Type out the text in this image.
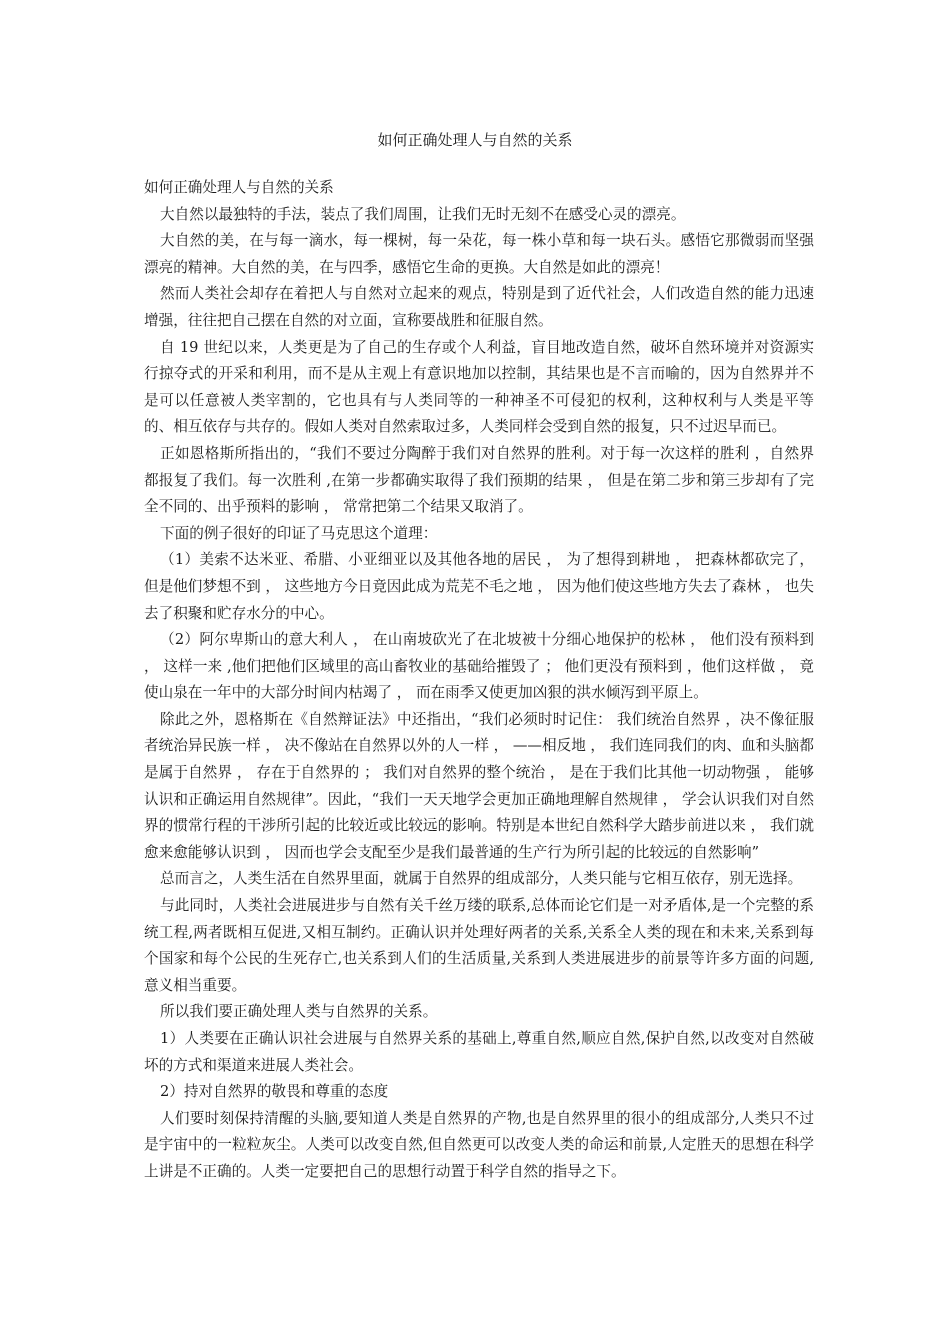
如何正确处理人与自然的关系

如何正确处理人与自然的关系

大自然以最独特的手法，装点了我们周围，让我们无时无刻不在感受心灵的漂亮。

大自然的美，在与每一滴水，每一棵树，每一朵花，每一株小草和每一块石头。感悟它那微弱而坚强漂亮的精神。大自然的美，在与四季，感悟它生命的更换。大自然是如此的漂亮！

然而人类社会却存在着把人与自然对立起来的观点，特别是到了近代社会，人们改造自然的能力迅速增强，往往把自己摆在自然的对立面，宣称要战胜和征服自然。

自 19 世纪以来，人类更是为了自己的生存或个人利益，盲目地改造自然，破坏自然环境并对资源实行掠夺式的开采和利用，而不是从主观上有意识地加以控制，其结果也是不言而喻的，因为自然界并不是可以任意被人类宰割的，它也具有与人类同等的一种神圣不可侵犯的权利，这种权利与人类是平等的、相互依存与共存的。假如人类对自然索取过多，人类同样会受到自然的报复，只不过迟早而已。

正如恩格斯所指出的，“我们不要过分陶醉于我们对自然界的胜利。对于每一次这样的胜利 ，自然界都报复了我们。每一次胜利 ,在第一步都确实取得了我们预期的结果 ， 但是在第二步和第三步却有了完全不同的、出乎预料的影响 ， 常常把第二个结果又取消了。

下面的例子很好的印证了马克思这个道理：

（1）美索不达米亚、希腊、小亚细亚以及其他各地的居民 ， 为了想得到耕地 ， 把森林都砍完了，但是他们梦想不到 ， 这些地方今日竟因此成为荒芜不毛之地 ， 因为他们使这些地方失去了森林 ， 也失去了积聚和贮存水分的中心。

（2）阿尔卑斯山的意大利人 ， 在山南坡砍光了在北坡被十分细心地保护的松林 ， 他们没有预料到 ， 这样一来 ,他们把他们区域里的高山畜牧业的基础给摧毁了 ； 他们更没有预料到 ，他们这样做 ， 竟使山泉在一年中的大部分时间内枯竭了 ， 而在雨季又使更加凶狠的洪水倾泻到平原上。

除此之外，恩格斯在《自然辩证法》中还指出，“我们必须时时记住： 我们统治自然界 ，决不像征服者统治异民族一样 ， 决不像站在自然界以外的人一样 ， ——相反地 ， 我们连同我们的肉、血和头脑都是属于自然界 ， 存在于自然界的 ； 我们对自然界的整个统治 ， 是在于我们比其他一切动物强 ， 能够认识和正确运用自然规律”。因此，“我们一天天地学会更加正确地理解自然规律 ， 学会认识我们对自然界的惯常行程的干涉所引起的比较近或比较远的影响。特别是本世纪自然科学大踏步前进以来 ， 我们就愈来愈能够认识到 ， 因而也学会支配至少是我们最普通的生产行为所引起的比较远的自然影响”

总而言之，人类生活在自然界里面，就属于自然界的组成部分，人类只能与它相互依存，别无选择。

与此同时，人类社会进展进步与自然有关千丝万缕的联系,总体而论它们是一对矛盾体,是一个完整的系统工程,两者既相互促进,又相互制约。正确认识并处理好两者的关系,关系全人类的现在和未来,关系到每个国家和每个公民的生死存亡,也关系到人们的生活质量,关系到人类进展进步的前景等许多方面的问题,意义相当重要。

所以我们要正确处理人类与自然界的关系。

1）人类要在正确认识社会进展与自然界关系的基础上,尊重自然,顺应自然,保护自然,以改变对自然破坏的方式和渠道来进展人类社会。

2）持对自然界的敬畏和尊重的态度

人们要时刻保持清醒的头脑,要知道人类是自然界的产物,也是自然界里的很小的组成部分,人类只不过是宇宙中的一粒粒灰尘。人类可以改变自然,但自然更可以改变人类的命运和前景,人定胜天的思想在科学上讲是不正确的。人类一定要把自己的思想行动置于科学自然的指导之下。
